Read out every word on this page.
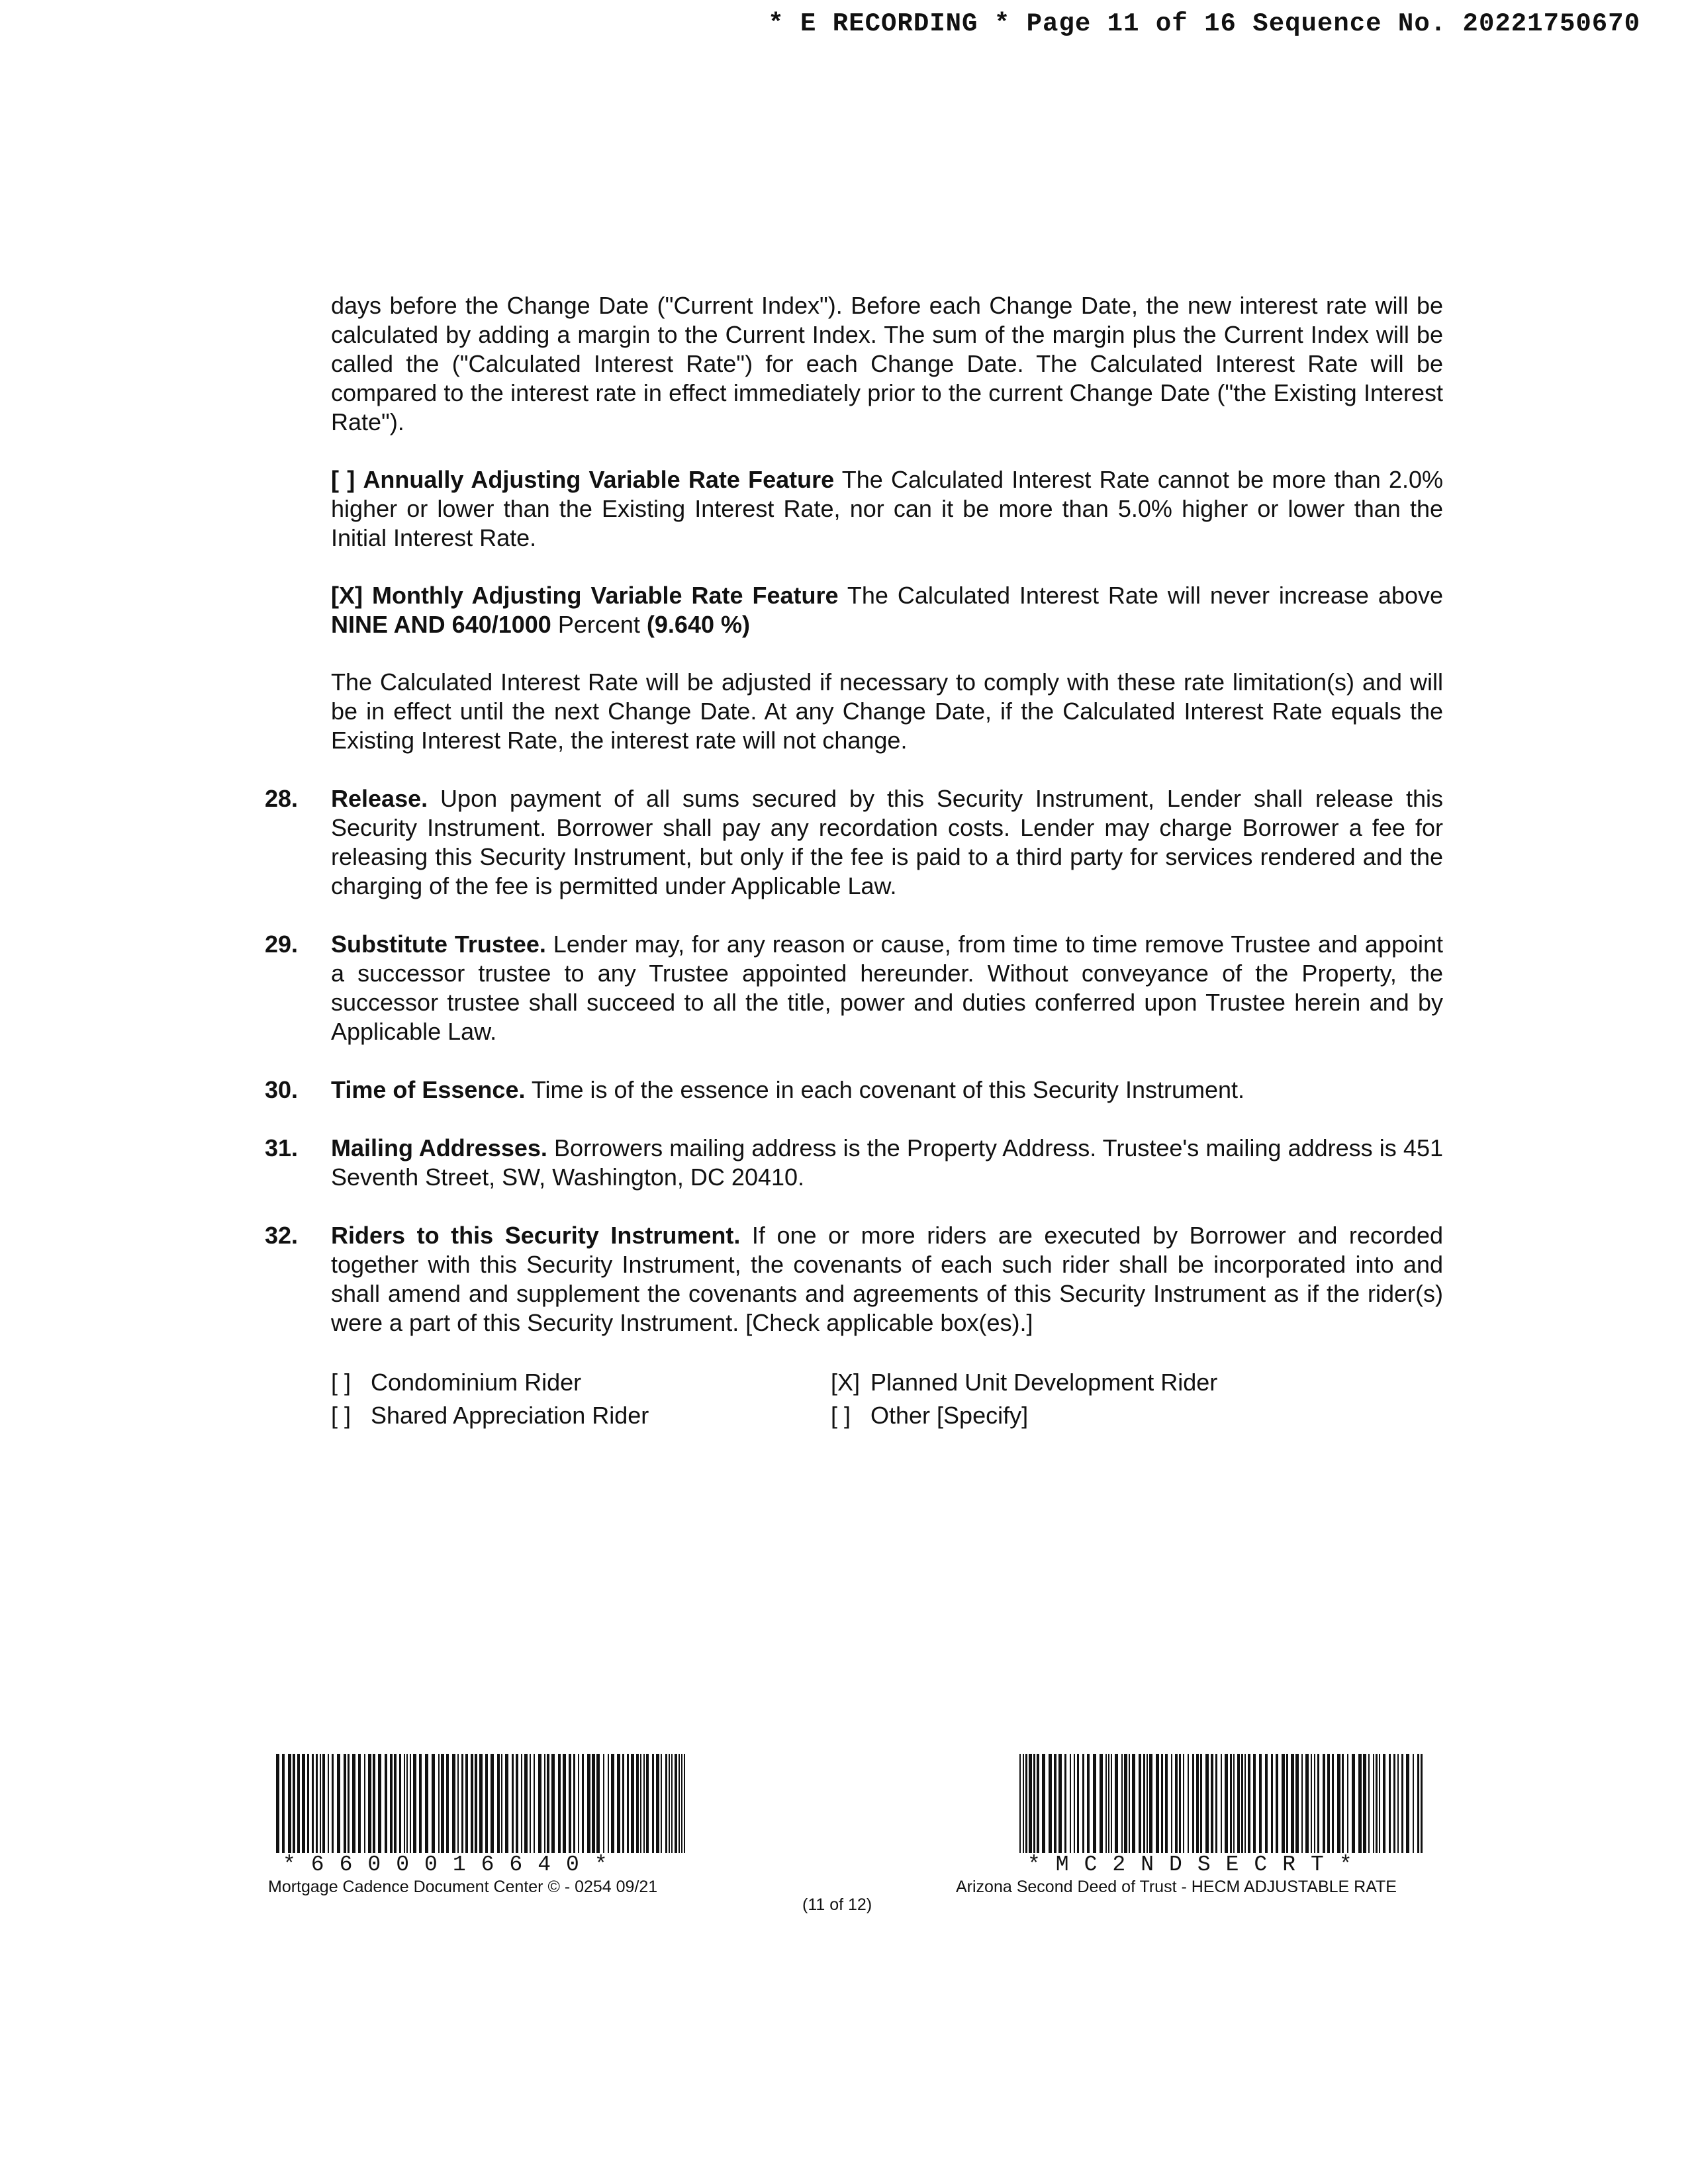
* E RECORDING * Page 11 of 16 Sequence No. 20221750670

days before the Change Date ("Current Index"). Before each Change Date, the new interest rate will be calculated by adding a margin to the Current Index. The sum of the margin plus the Current Index will be called the ("Calculated Interest Rate") for each Change Date. The Calculated Interest Rate will be compared to the interest rate in effect immediately prior to the current Change Date ("the Existing Interest Rate").

[ ] Annually Adjusting Variable Rate Feature The Calculated Interest Rate cannot be more than 2.0% higher or lower than the Existing Interest Rate, nor can it be more than 5.0% higher or lower than the Initial Interest Rate.

[X] Monthly Adjusting Variable Rate Feature The Calculated Interest Rate will never increase above NINE AND 640/1000 Percent (9.640 %)

The Calculated Interest Rate will be adjusted if necessary to comply with these rate limitation(s) and will be in effect until the next Change Date. At any Change Date, if the Calculated Interest Rate equals the Existing Interest Rate, the interest rate will not change.

28. Release. Upon payment of all sums secured by this Security Instrument, Lender shall release this Security Instrument. Borrower shall pay any recordation costs. Lender may charge Borrower a fee for releasing this Security Instrument, but only if the fee is paid to a third party for services rendered and the charging of the fee is permitted under Applicable Law.

29. Substitute Trustee. Lender may, for any reason or cause, from time to time remove Trustee and appoint a successor trustee to any Trustee appointed hereunder. Without conveyance of the Property, the successor trustee shall succeed to all the title, power and duties conferred upon Trustee herein and by Applicable Law.

30. Time of Essence. Time is of the essence in each covenant of this Security Instrument.

31. Mailing Addresses. Borrowers mailing address is the Property Address. Trustee's mailing address is 451 Seventh Street, SW, Washington, DC 20410.

32. Riders to this Security Instrument. If one or more riders are executed by Borrower and recorded together with this Security Instrument, the covenants of each such rider shall be incorporated into and shall amend and supplement the covenants and agreements of this Security Instrument as if the rider(s) were a part of this Security Instrument. [Check applicable box(es).]

[ ] Condominium Rider
[ ] Shared Appreciation Rider
[X] Planned Unit Development Rider
[ ] Other [Specify]
*6600016640*
Mortgage Cadence Document Center © - 0254 09/21
(11 of 12)
*MC2NDSECRT*
Arizona Second Deed of Trust - HECM ADJUSTABLE RATE
